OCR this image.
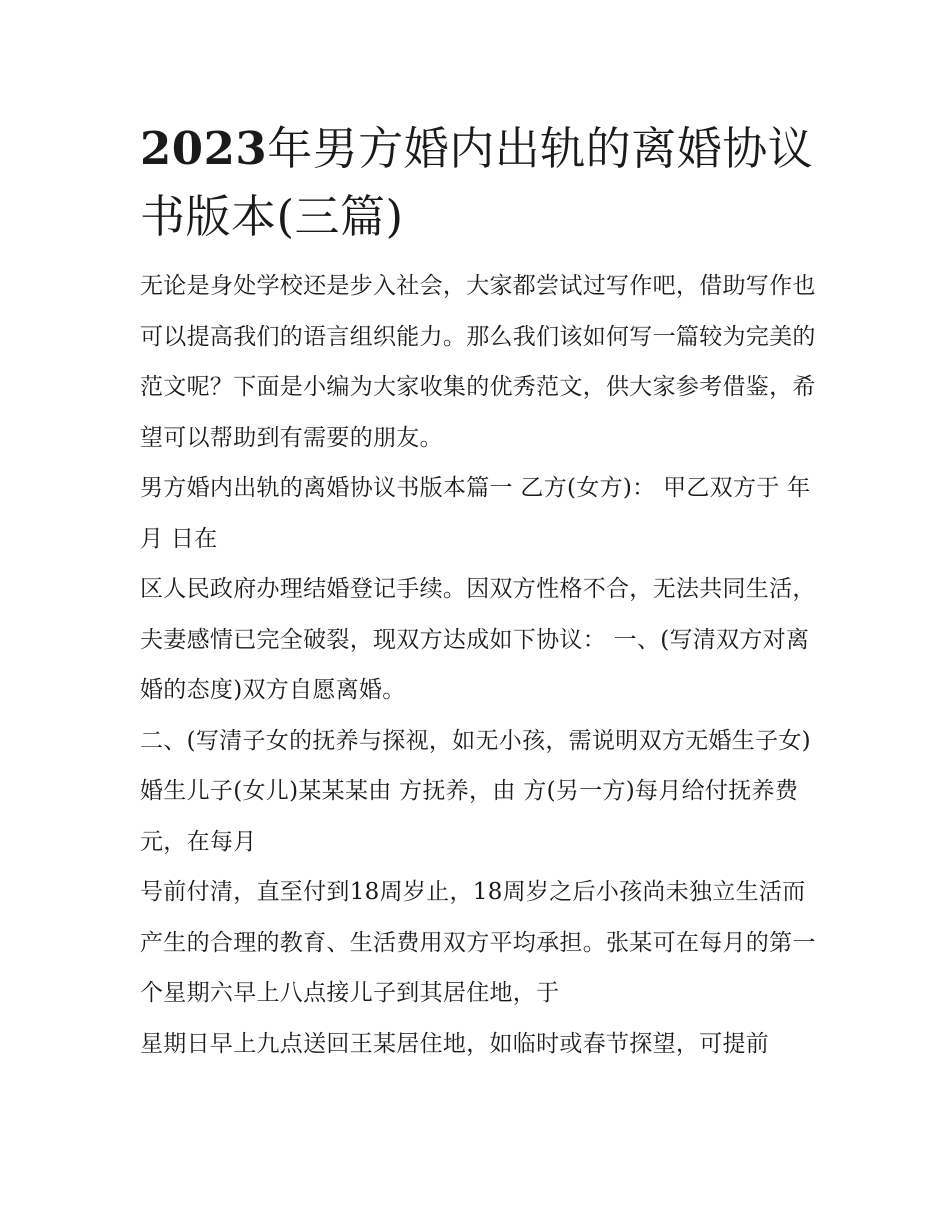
2023年男方婚内出轨的离婚协议书版本(三篇)

无论是身处学校还是步入社会，大家都尝试过写作吧，借助写作也可以提高我们的语言组织能力。那么我们该如何写一篇较为完美的范文呢？下面是小编为大家收集的优秀范文，供大家参考借鉴，希望可以帮助到有需要的朋友。

男方婚内出轨的离婚协议书版本篇一 乙方(女方)： 甲乙双方于 年 月 日在

区人民政府办理结婚登记手续。因双方性格不合，无法共同生活，夫妻感情已完全破裂，现双方达成如下协议： 一、(写清双方对离婚的态度)双方自愿离婚。

二、(写清子女的抚养与探视，如无小孩，需说明双方无婚生子女)婚生儿子(女儿)某某某由 方抚养，由 方(另一方)每月给付抚养费 元，在每月

号前付清，直至付到18周岁止，18周岁之后小孩尚未独立生活而产生的合理的教育、生活费用双方平均承担。张某可在每月的第一个星期六早上八点接儿子到其居住地，于

星期日早上九点送回王某居住地，如临时或春节探望，可提前
